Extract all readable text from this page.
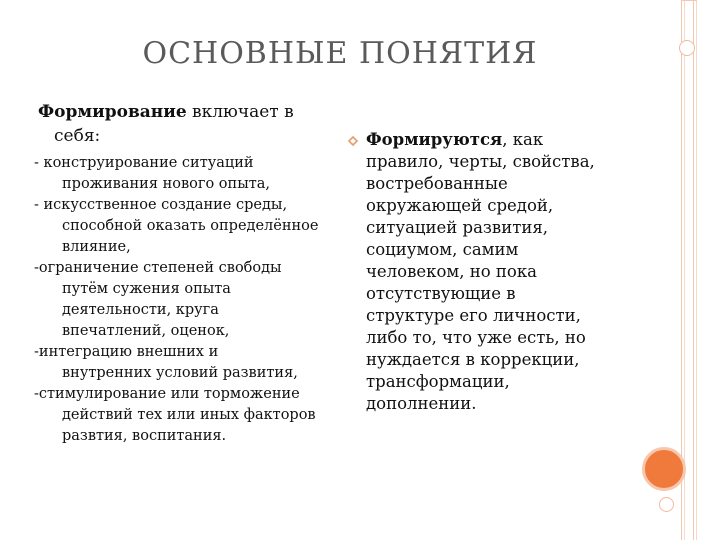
ОСНОВНЫЕ ПОНЯТИЯ
Формирование включает в
себя:
- конструирование ситуаций
проживания нового опыта,
- искусственное создание среды,
способной оказать определённое
влияние,
-ограничение степеней свободы
путём сужения опыта
деятельности, круга
впечатлений, оценок,
-интеграцию внешних и
внутренних условий развития,
-стимулирование или торможение
действий тех или иных факторов
развтия, воспитания.
Формируются, как
правило, черты, свойства,
востребованные
окружающей средой,
ситуацией развития,
социумом, самим
человеком, но пока
отсутствующие в
структуре его личности,
либо то, что уже есть, но
нуждается в коррекции,
трансформации,
дополнении.
